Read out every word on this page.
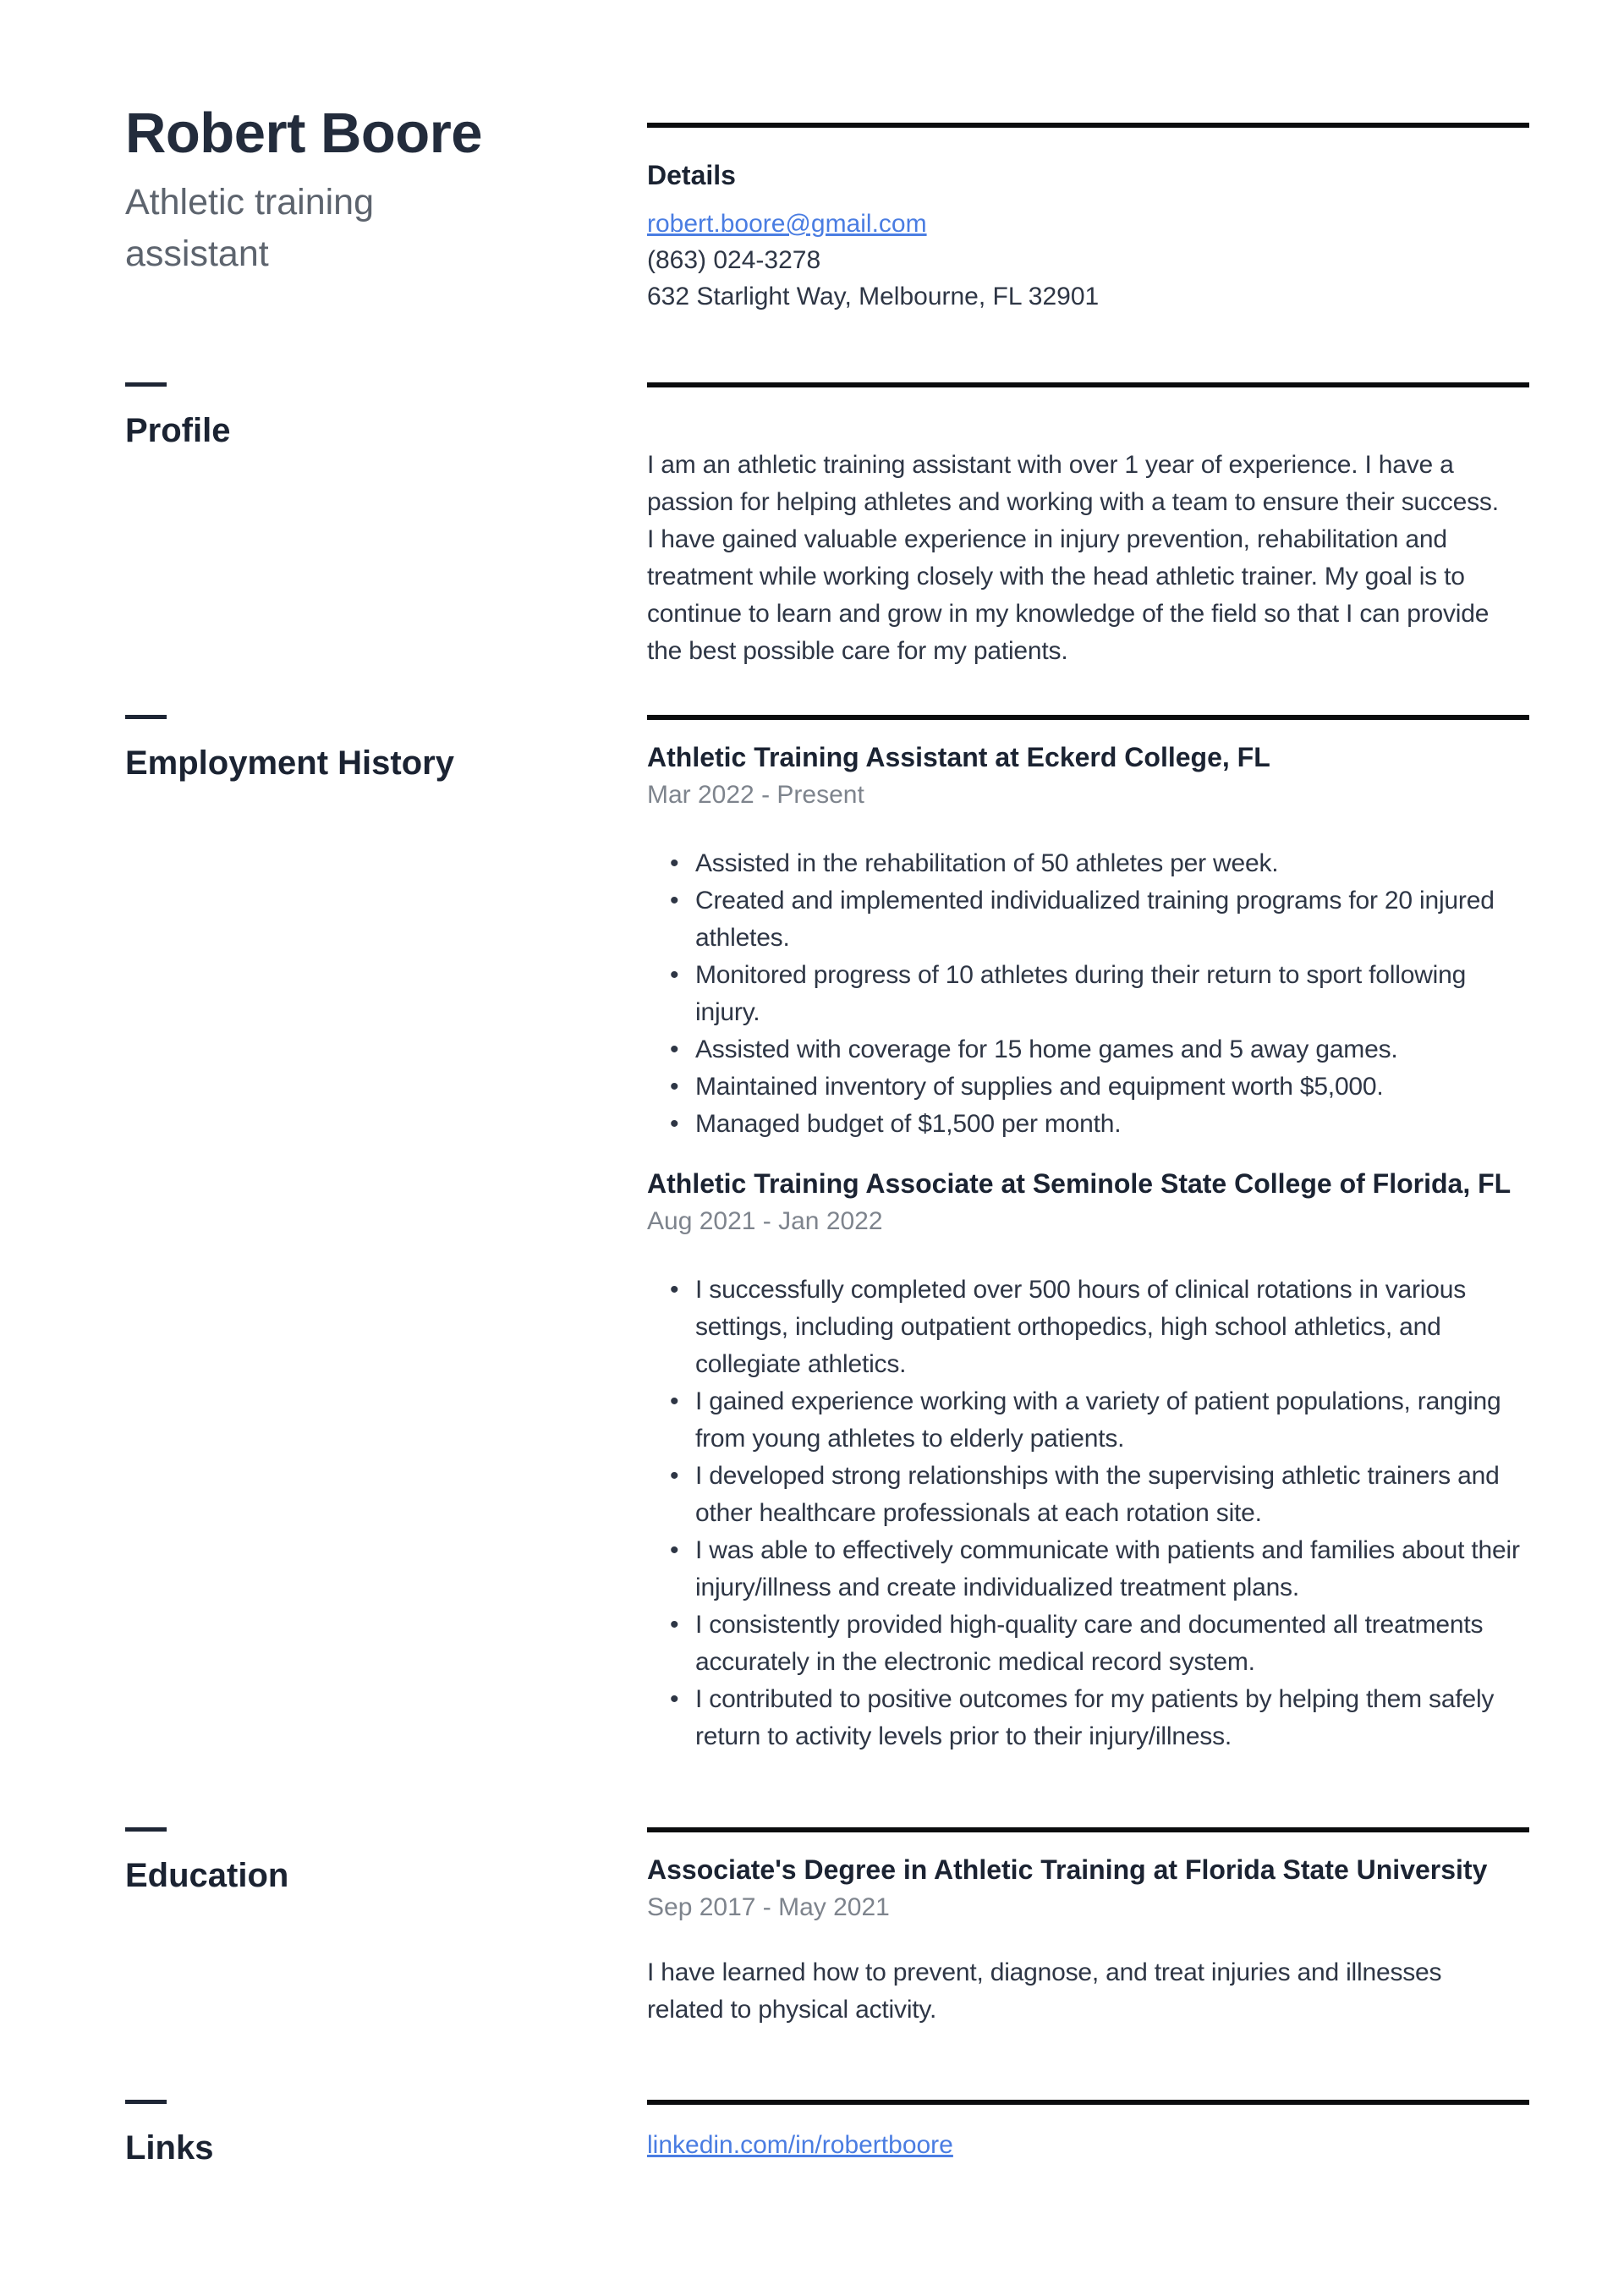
Robert Boore
Athletic training assistant
Details
robert.boore@gmail.com
(863) 024-3278
632 Starlight Way, Melbourne, FL 32901
Profile

I am an athletic training assistant with over 1 year of experience. I have a passion for helping athletes and working with a team to ensure their success. I have gained valuable experience in injury prevention, rehabilitation and treatment while working closely with the head athletic trainer. My goal is to continue to learn and grow in my knowledge of the field so that I can provide the best possible care for my patients.

Employment History	Athletic Training Assistant at Eckerd College, FL
Mar 2022 - Present
• Assisted in the rehabilitation of 50 athletes per week.
• Created and implemented individualized training programs for 20 injured athletes.
• Monitored progress of 10 athletes during their return to sport following injury.
• Assisted with coverage for 15 home games and 5 away games.
• Maintained inventory of supplies and equipment worth $5,000.
• Managed budget of $1,500 per month.
Athletic Training Associate at Seminole State College of Florida, FL
Aug 2021 - Jan 2022
• I successfully completed over 500 hours of clinical rotations in various settings, including outpatient orthopedics, high school athletics, and collegiate athletics.
• I gained experience working with a variety of patient populations, ranging from young athletes to elderly patients.
• I developed strong relationships with the supervising athletic trainers and other healthcare professionals at each rotation site.
• I was able to effectively communicate with patients and families about their injury/illness and create individualized treatment plans.
• I consistently provided high-quality care and documented all treatments accurately in the electronic medical record system.
• I contributed to positive outcomes for my patients by helping them safely return to activity levels prior to their injury/illness.
Education	Associate's Degree in Athletic Training at Florida State University
Sep 2017 - May 2021

I have learned how to prevent, diagnose, and treat injuries and illnesses related to physical activity.

Links	linkedin.com/in/robertboore
